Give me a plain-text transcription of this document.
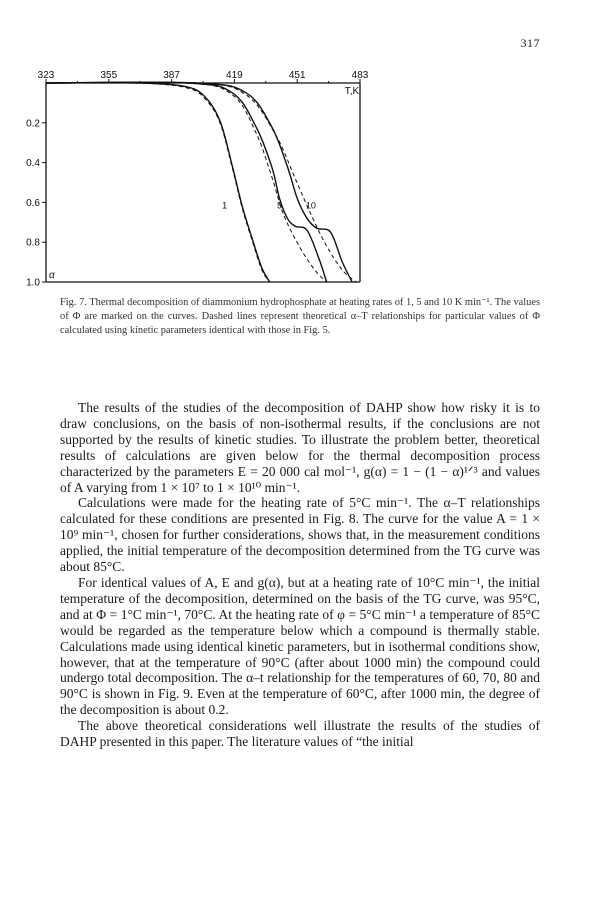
317
323	355	387	419	451	483
T,K
0.2
0.4
0.6
0.8
1.0
α
1	5	10
Fig. 7. Thermal decomposition of diammonium hydrophosphate at heating rates of 1, 5 and 10 K min⁻¹. The values of Φ are marked on the curves. Dashed lines represent theoretical α–T relationships for particular values of Φ calculated using kinetic parameters identical with those in Fig. 5.

The results of the studies of the decomposition of DAHP show how risky it is to draw conclusions, on the basis of non-isothermal results, if the conclusions are not supported by the results of kinetic studies. To illustrate the problem better, theoretical results of calculations are given below for the thermal decomposition process characterized by the parameters E = 20 000 cal mol⁻¹, g(α) = 1 − (1 − α)¹ᐟ³ and values of A varying from 1 × 10⁷ to 1 × 10¹⁰ min⁻¹.

Calculations were made for the heating rate of 5°C min⁻¹. The α–T relationships calculated for these conditions are presented in Fig. 8. The curve for the value A = 1 × 10⁹ min⁻¹, chosen for further considerations, shows that, in the measurement conditions applied, the initial temperature of the decomposition determined from the TG curve was about 85°C.

For identical values of A, E and g(α), but at a heating rate of 10°C min⁻¹, the initial temperature of the decomposition, determined on the basis of the TG curve, was 95°C, and at Φ = 1°C min⁻¹, 70°C. At the heating rate of φ = 5°C min⁻¹ a temperature of 85°C would be regarded as the temperature below which a compound is thermally stable. Calculations made using identical kinetic parameters, but in isothermal conditions show, however, that at the temperature of 90°C (after about 1000 min) the compound could undergo total decomposition. The α–t relationship for the temperatures of 60, 70, 80 and 90°C is shown in Fig. 9. Even at the temperature of 60°C, after 1000 min, the degree of the decomposition is about 0.2.

The above theoretical considerations well illustrate the results of the studies of DAHP presented in this paper. The literature values of “the initial
